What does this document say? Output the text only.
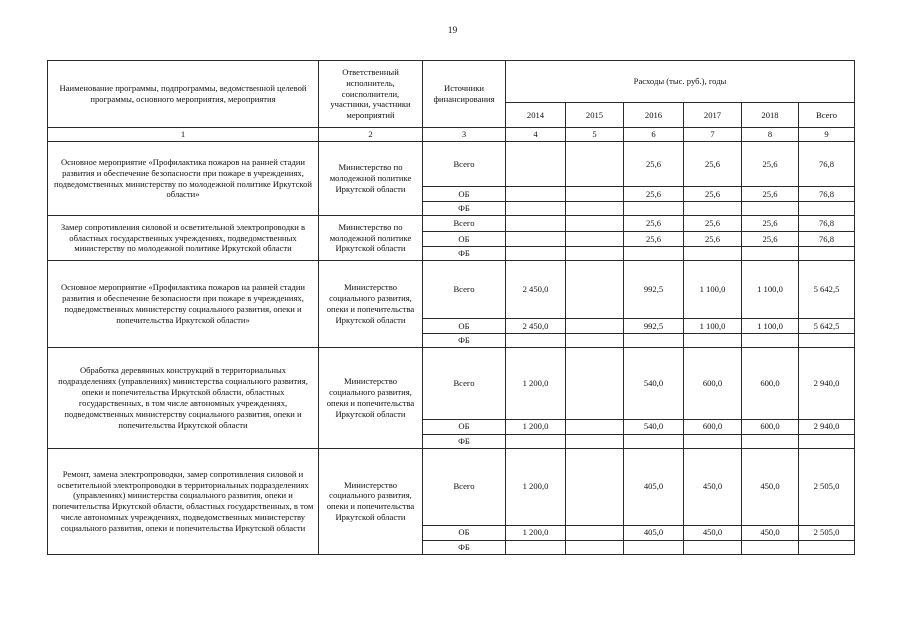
19
Наименование программы, подпрограммы, ведомственной целевой программы, основного мероприятия, мероприятия	Ответственный исполнитель, соисполнители, участники, участники мероприятий	Источники финансирования	Расходы (тыс. руб.), годы					
			2014	2015	2016	2017	2018	Всего
1	2	3	4	5	6	7	8	9
Основное мероприятие «Профилактика пожаров на ранней стадии развития и обеспечение безопасности при пожаре в учреждениях, подведомственных министерству по молодежной политике Иркутской области»	Министерство по молодежной политике Иркутской области	Всего			25,6	25,6	25,6	76,8
		ОБ			25,6	25,6	25,6	76,8
		ФБ						
Замер сопротивления силовой и осветительной электропроводки в областных государственных учреждениях, подведомственных министерству по молодежной политике Иркутской области	Министерство по молодежной политике Иркутской области	Всего			25,6	25,6	25,6	76,8
		ОБ			25,6	25,6	25,6	76,8
		ФБ						
Основное мероприятие «Профилактика пожаров на ранней стадии развития и обеспечение безопасности при пожаре в учреждениях, подведомственных министерству социального развития, опеки и попечительства Иркутской области»	Министерство социального развития, опеки и попечительства Иркутской области	Всего	2 450,0		992,5	1 100,0	1 100,0	5 642,5
		ОБ	2 450,0		992,5	1 100,0	1 100,0	5 642,5
		ФБ						
Обработка деревянных конструкций в территориальных подразделениях (управлениях) министерства социального развития, опеки и попечительства Иркутской области, областных государственных, в том числе автономных учреждениях, подведомственных министерству социального развития, опеки и попечительства Иркутской области	Министерство социального развития, опеки и попечительства Иркутской области	Всего	1 200,0		540,0	600,0	600,0	2 940,0
		ОБ	1 200,0		540,0	600,0	600,0	2 940,0
		ФБ						
Ремонт, замена электропроводки, замер сопротивления силовой и осветительной электропроводки в территориальных подразделениях (управлениях) министерства социального развития, опеки и попечительства Иркутской области, областных государственных, в том числе автономных учреждениях, подведомственных министерству социального развития, опеки и попечительства Иркутской области	Министерство социального развития, опеки и попечительства Иркутской области	Всего	1 200,0		405,0	450,0	450,0	2 505,0
		ОБ	1 200,0		405,0	450,0	450,0	2 505,0
		ФБ						
